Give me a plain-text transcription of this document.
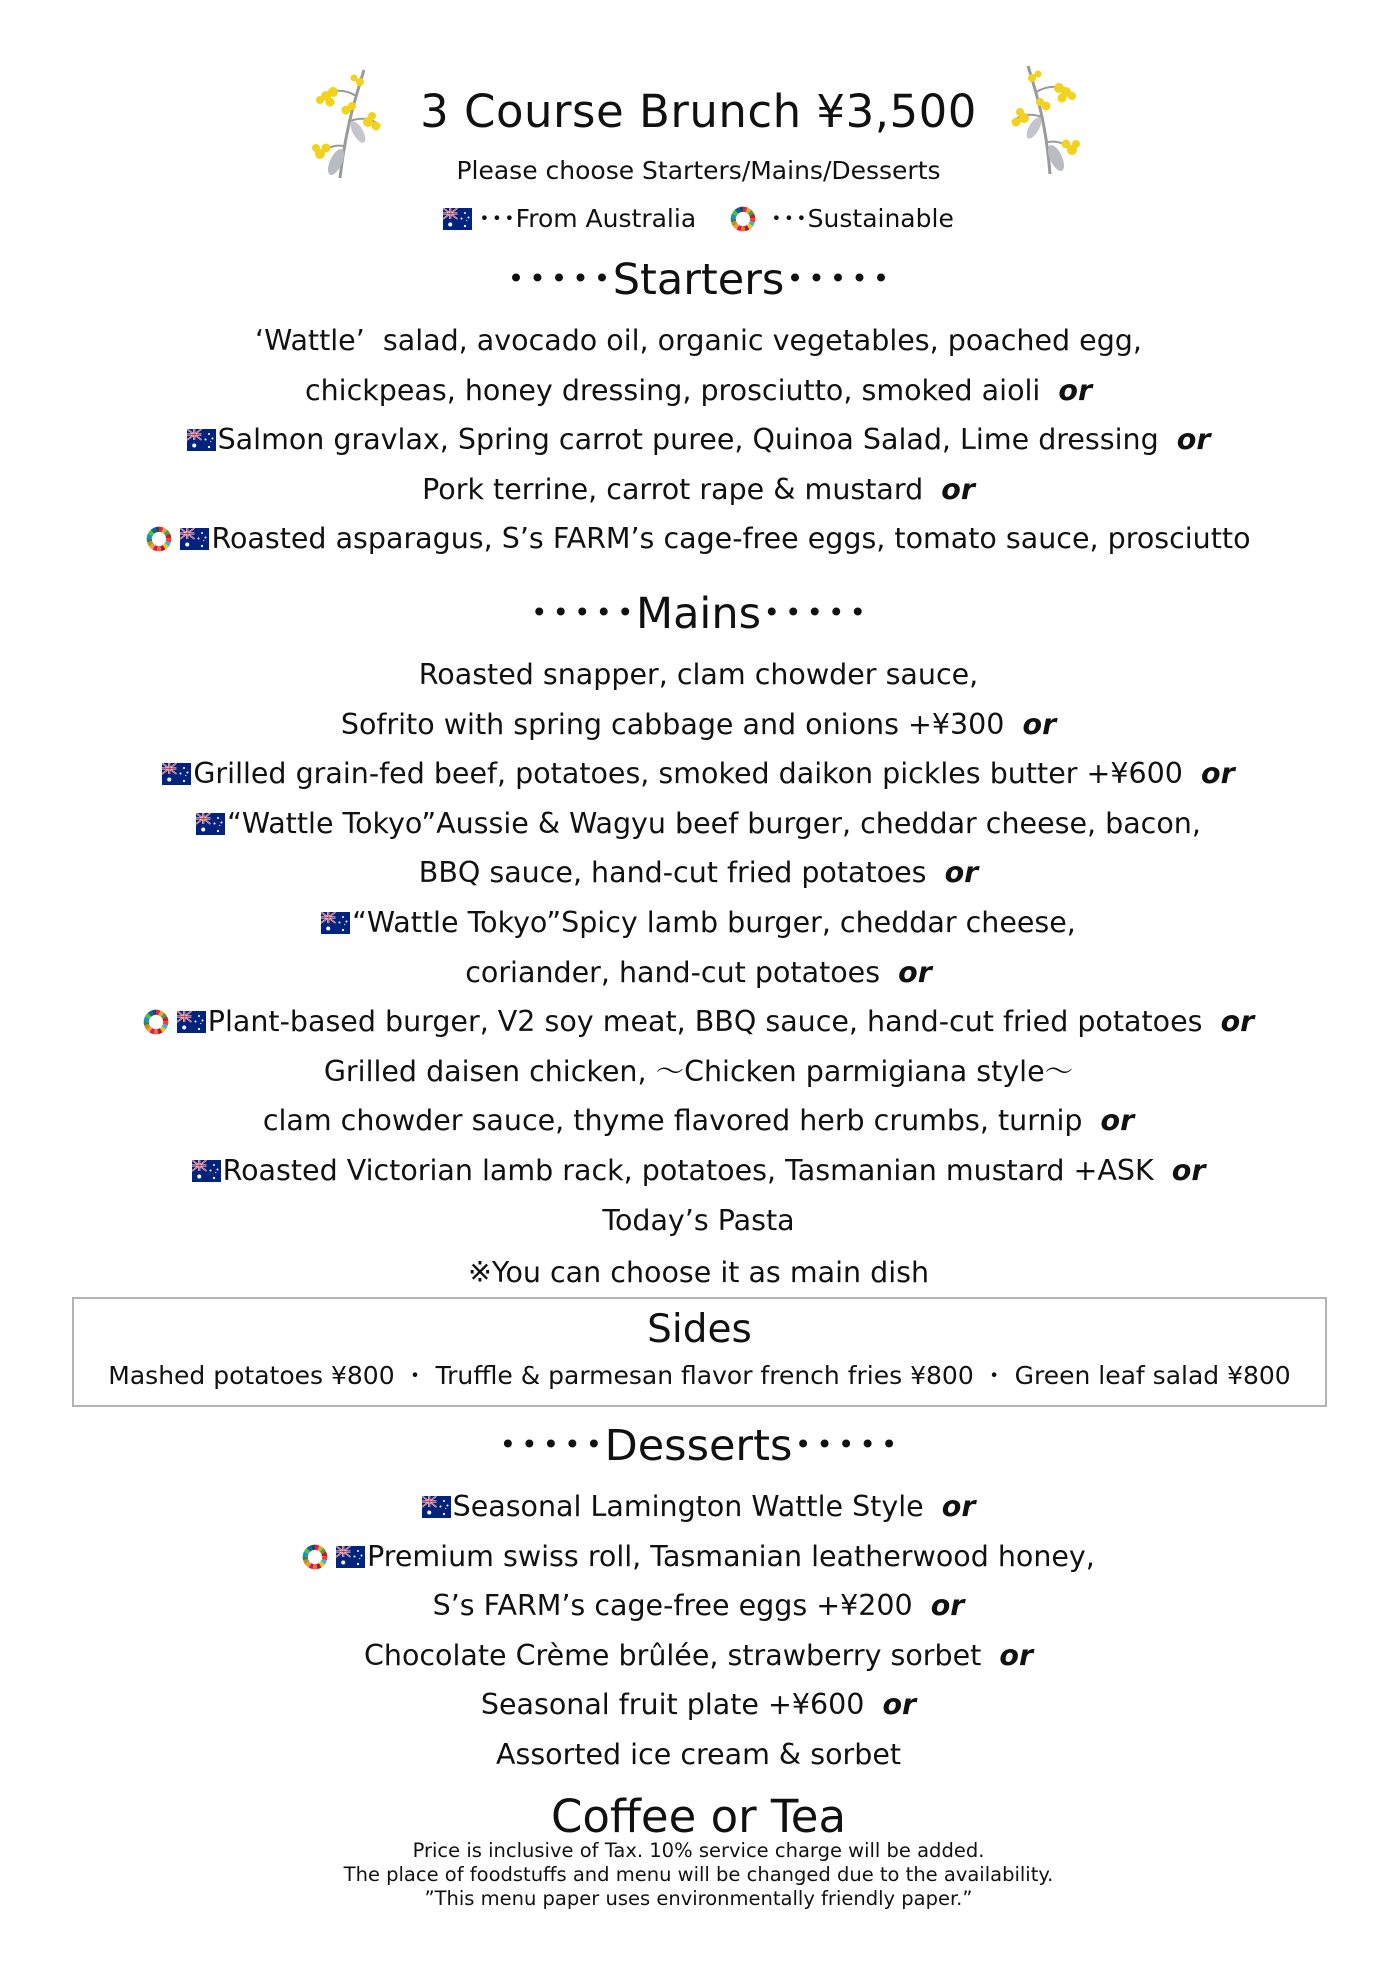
3 Course Brunch ¥3,500
Please choose Starters/Mains/Desserts
･･･From Australia	･･･Sustainable
･････Starters･････
‘Wattle’  salad, avocado oil, organic vegetables, poached egg,
chickpeas, honey dressing, prosciutto, smoked aioli or
Salmon gravlax, Spring carrot puree, Quinoa Salad, Lime dressing or
Pork terrine, carrot rape & mustard or
Roasted asparagus, S’s FARM’s cage-free eggs, tomato sauce, prosciutto
･････Mains･････
Roasted snapper, clam chowder sauce,
Sofrito with spring cabbage and onions +¥300 or
Grilled grain-fed beef, potatoes, smoked daikon pickles butter +¥600 or
“Wattle Tokyo”Aussie & Wagyu beef burger, cheddar cheese, bacon,
BBQ sauce, hand-cut fried potatoes or
“Wattle Tokyo”Spicy lamb burger, cheddar cheese,
coriander, hand-cut potatoes or
Plant-based burger, V2 soy meat, BBQ sauce, hand-cut fried potatoes or
Grilled daisen chicken, ～Chicken parmigiana style～
clam chowder sauce, thyme flavored herb crumbs, turnip or
Roasted Victorian lamb rack, potatoes, Tasmanian mustard +ASK or
Today’s Pasta
※You can choose it as main dish
Sides
Mashed potatoes ¥800 ・ Truffle & parmesan flavor french fries ¥800 ・ Green leaf salad ¥800
･････Desserts･････
Seasonal Lamington Wattle Style or
Premium swiss roll, Tasmanian leatherwood honey,
S’s FARM’s cage-free eggs +¥200 or
Chocolate Crème brûlée, strawberry sorbet or
Seasonal fruit plate +¥600 or
Assorted ice cream & sorbet
Coffee or Tea
Price is inclusive of Tax. 10% service charge will be added.
The place of foodstuffs and menu will be changed due to the availability.
”This menu paper uses environmentally friendly paper.”
